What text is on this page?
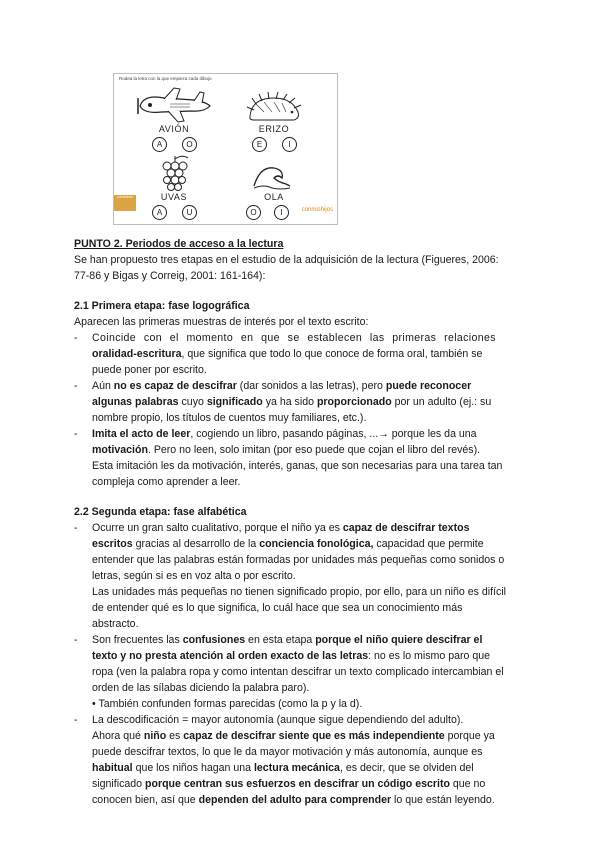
Rodea la letra con la que empieza cada dibujo
AVIÓN
A	O
ERIZO
E	I
UVAS
A	U
OLA
O	I
curriculum
conmishijos
PUNTO 2. Periodos de acceso a la lectura
Se han propuesto tres etapas en el estudio de la adquisición de la lectura (Figueres, 2006:
77-86 y Bigas y Correig, 2001: 161-164):
2.1 Primera etapa: fase logográfica
Aparecen las primeras muestras de interés por el texto escrito:
- Coincide con el momento en que se establecen las primeras relaciones
oralidad-escritura, que significa que todo lo que conoce de forma oral, también se
puede poner por escrito.
- Aún no es capaz de descifrar (dar sonidos a las letras), pero puede reconocer
algunas palabras cuyo significado ya ha sido proporcionado por un adulto (ej.: su
nombre propio, los títulos de cuentos muy familiares, etc.).
- Imita el acto de leer, cogiendo un libro, pasando páginas, ...→ porque les da una
motivación. Pero no leen, solo imitan (por eso puede que cojan el libro del revés).
Esta imitación les da motivación, interés, ganas, que son necesarias para una tarea tan
compleja como aprender a leer.
2.2 Segunda etapa: fase alfabética
- Ocurre un gran salto cualitativo, porque el niño ya es capaz de descifrar textos
escritos gracias al desarrollo de la conciencia fonológica, capacidad que permite
entender que las palabras están formadas por unidades más pequeñas como sonidos o
letras, según si es en voz alta o por escrito.
Las unidades más pequeñas no tienen significado propio, por ello, para un niño es difícil
de entender qué es lo que significa, lo cuál hace que sea un conocimiento más
abstracto.
- Son frecuentes las confusiones en esta etapa porque el niño quiere descifrar el
texto y no presta atención al orden exacto de las letras: no es lo mismo paro que
ropa (ven la palabra ropa y como intentan descifrar un texto complicado intercambian el
orden de las sílabas diciendo la palabra paro).
• También confunden formas parecidas (como la p y la d).
- La descodificación = mayor autonomía (aunque sigue dependiendo del adulto).
Ahora qué niño es capaz de descifrar siente que es más independiente porque ya
puede descifrar textos, lo que le da mayor motivación y más autonomía, aunque es
habitual que los niños hagan una lectura mecánica, es decir, que se olviden del
significado porque centran sus esfuerzos en descifrar un código escrito que no
conocen bien, así que dependen del adulto para comprender lo que están leyendo.
